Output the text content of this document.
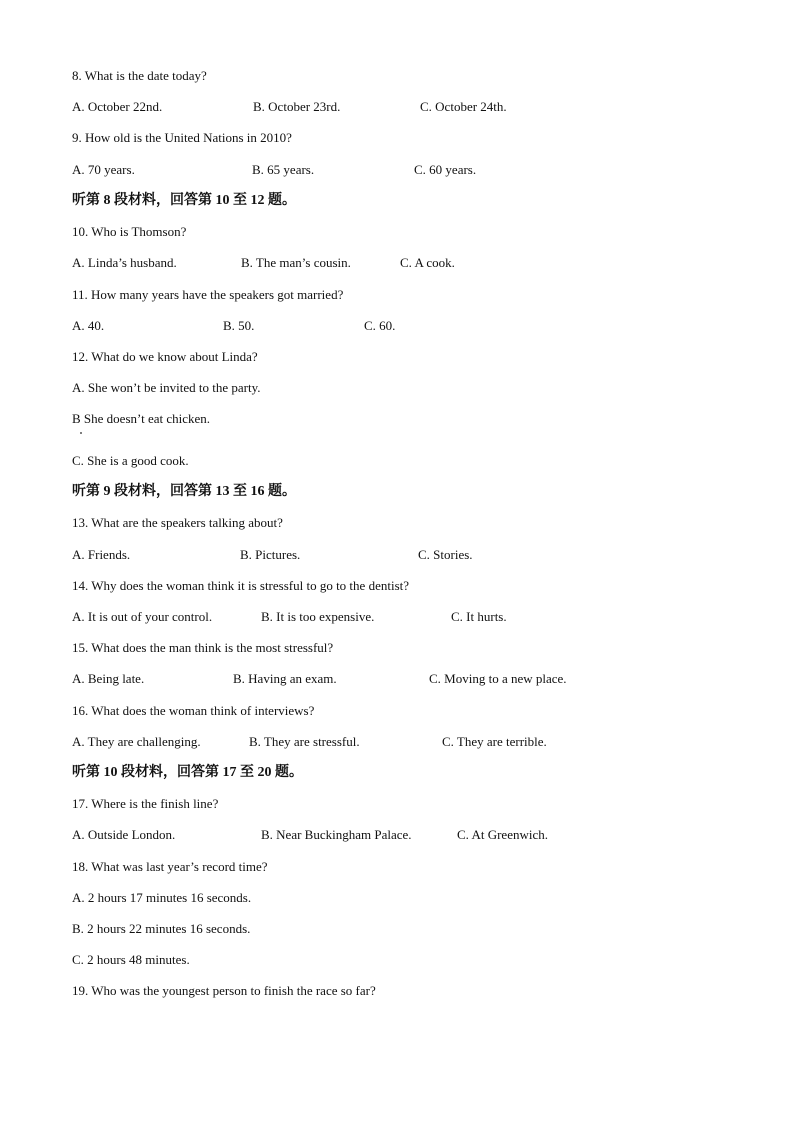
8. What is the date today?
A. October 22nd.	B. October 23rd.	C. October 24th.
9. How old is the United Nations in 2010?
A. 70 years.	B. 65 years.	C. 60 years.
听第 8 段材料，回答第 10 至 12 题。
10. Who is Thomson?
A. Linda’s husband.	B. The man’s cousin.	C. A cook.
11. How many years have the speakers got married?
A. 40.	B. 50.	C. 60.
12. What do we know about Linda?
A. She won’t be invited to the party.
B She doesn’t eat chicken.
C. She is a good cook.
听第 9 段材料，回答第 13 至 16 题。
13. What are the speakers talking about?
A. Friends.	B. Pictures.	C. Stories.
14. Why does the woman think it is stressful to go to the dentist?
A. It is out of your control.	B. It is too expensive.	C. It hurts.
15. What does the man think is the most stressful?
A. Being late.	B. Having an exam.	C. Moving to a new place.
16. What does the woman think of interviews?
A. They are challenging.	B. They are stressful.	C. They are terrible.
听第 10 段材料，回答第 17 至 20 题。
17. Where is the finish line?
A. Outside London.	B. Near Buckingham Palace.	C. At Greenwich.
18. What was last year’s record time?
A. 2 hours 17 minutes 16 seconds.
B. 2 hours 22 minutes 16 seconds.
C. 2 hours 48 minutes.
19. Who was the youngest person to finish the race so far?
